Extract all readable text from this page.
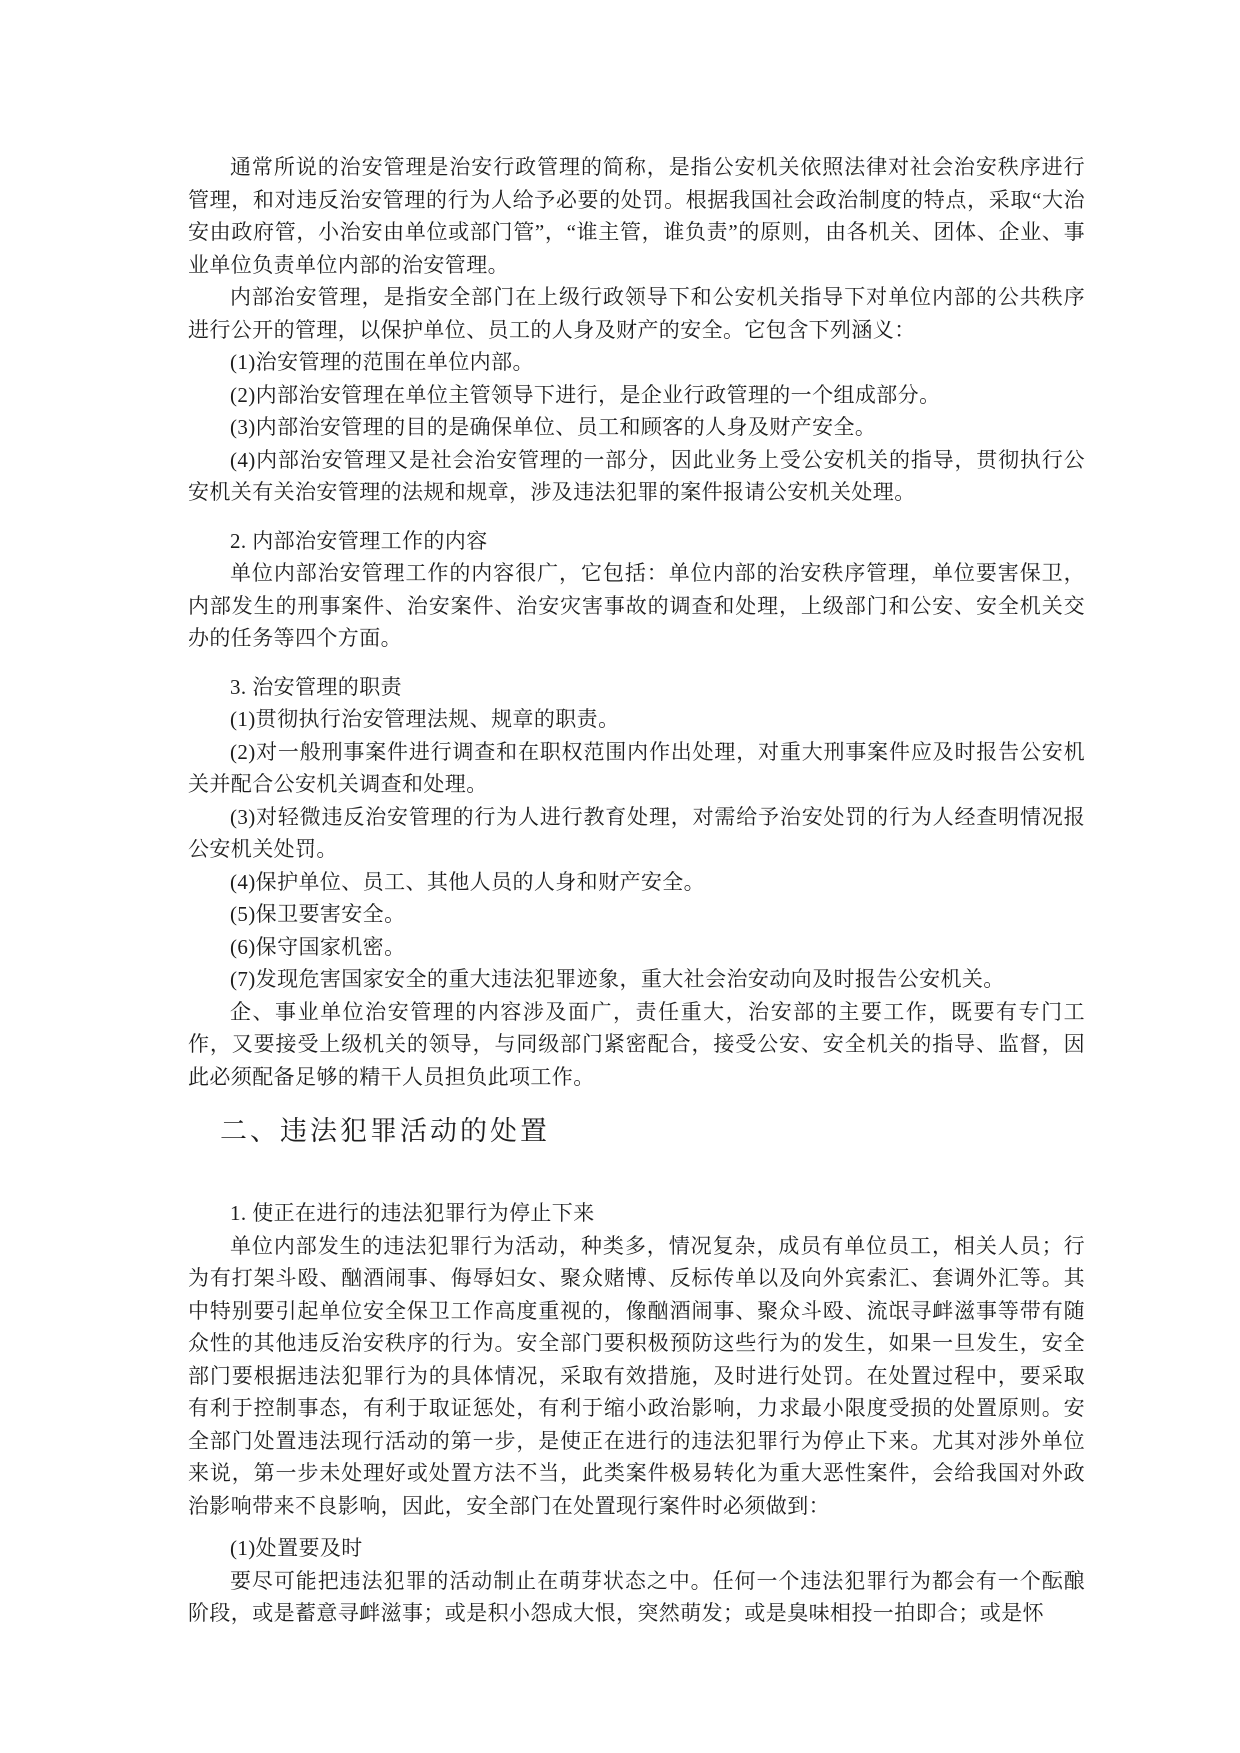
通常所说的治安管理是治安行政管理的简称，是指公安机关依照法律对社会治安秩序进行管理，和对违反治安管理的行为人给予必要的处罚。根据我国社会政治制度的特点，采取“大治安由政府管，小治安由单位或部门管”，“谁主管，谁负责”的原则，由各机关、团体、企业、事业单位负责单位内部的治安管理。

内部治安管理，是指安全部门在上级行政领导下和公安机关指导下对单位内部的公共秩序进行公开的管理，以保护单位、员工的人身及财产的安全。它包含下列涵义：

(1)治安管理的范围在单位内部。

(2)内部治安管理在单位主管领导下进行，是企业行政管理的一个组成部分。

(3)内部治安管理的目的是确保单位、员工和顾客的人身及财产安全。

(4)内部治安管理又是社会治安管理的一部分，因此业务上受公安机关的指导，贯彻执行公安机关有关治安管理的法规和规章，涉及违法犯罪的案件报请公安机关处理。

2. 内部治安管理工作的内容

单位内部治安管理工作的内容很广，它包括：单位内部的治安秩序管理，单位要害保卫，内部发生的刑事案件、治安案件、治安灾害事故的调查和处理，上级部门和公安、安全机关交办的任务等四个方面。

3. 治安管理的职责

(1)贯彻执行治安管理法规、规章的职责。

(2)对一般刑事案件进行调查和在职权范围内作出处理，对重大刑事案件应及时报告公安机关并配合公安机关调查和处理。

(3)对轻微违反治安管理的行为人进行教育处理，对需给予治安处罚的行为人经查明情况报公安机关处罚。

(4)保护单位、员工、其他人员的人身和财产安全。

(5)保卫要害安全。

(6)保守国家机密。

(7)发现危害国家安全的重大违法犯罪迹象，重大社会治安动向及时报告公安机关。

企、事业单位治安管理的内容涉及面广，责任重大，治安部的主要工作，既要有专门工作，又要接受上级机关的领导，与同级部门紧密配合，接受公安、安全机关的指导、监督，因此必须配备足够的精干人员担负此项工作。

二、违法犯罪活动的处置

1. 使正在进行的违法犯罪行为停止下来

单位内部发生的违法犯罪行为活动，种类多，情况复杂，成员有单位员工，相关人员；行为有打架斗殴、酗酒闹事、侮辱妇女、聚众赌博、反标传单以及向外宾索汇、套调外汇等。其中特别要引起单位安全保卫工作高度重视的，像酗酒闹事、聚众斗殴、流氓寻衅滋事等带有随众性的其他违反治安秩序的行为。安全部门要积极预防这些行为的发生，如果一旦发生，安全部门要根据违法犯罪行为的具体情况，采取有效措施，及时进行处罚。在处置过程中，要采取有利于控制事态，有利于取证惩处，有利于缩小政治影响，力求最小限度受损的处置原则。安全部门处置违法现行活动的第一步，是使正在进行的违法犯罪行为停止下来。尤其对涉外单位来说，第一步未处理好或处置方法不当，此类案件极易转化为重大恶性案件，会给我国对外政治影响带来不良影响，因此，安全部门在处置现行案件时必须做到：

(1)处置要及时

要尽可能把违法犯罪的活动制止在萌芽状态之中。任何一个违法犯罪行为都会有一个酝酿阶段，或是蓄意寻衅滋事；或是积小怨成大恨，突然萌发；或是臭味相投一拍即合；或是怀
